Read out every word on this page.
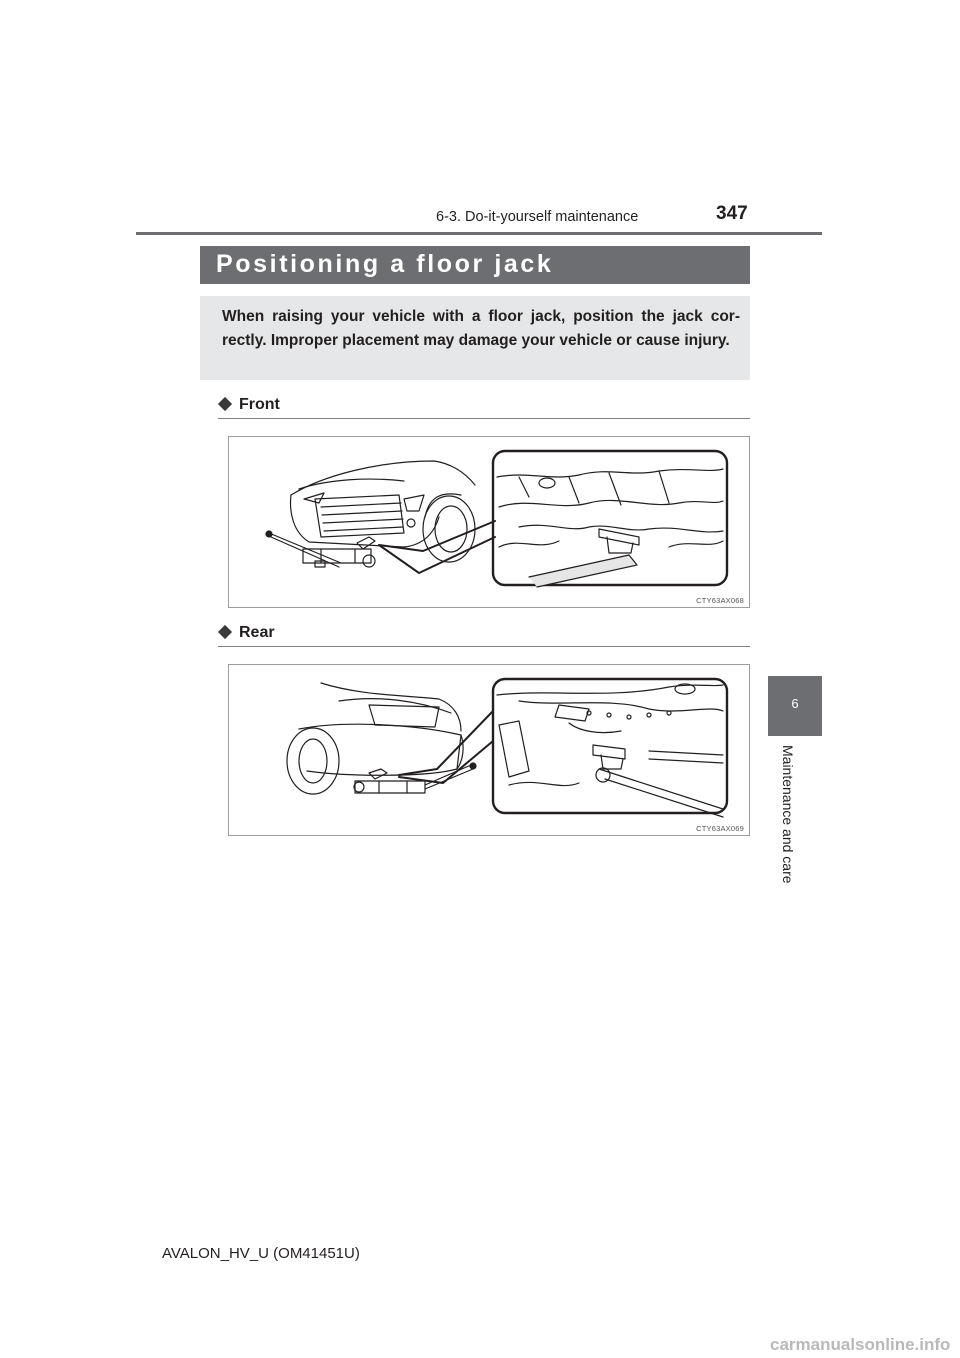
6-3. Do-it-yourself maintenance	347
Positioning a floor jack
When raising your vehicle with a floor jack, position the jack cor-rectly. Improper placement may damage your vehicle or cause injury.
Front
CTY63AX068
Rear
CTY63AX069
6
Maintenance and care
AVALON_HV_U (OM41451U)
carmanualsonline.info
